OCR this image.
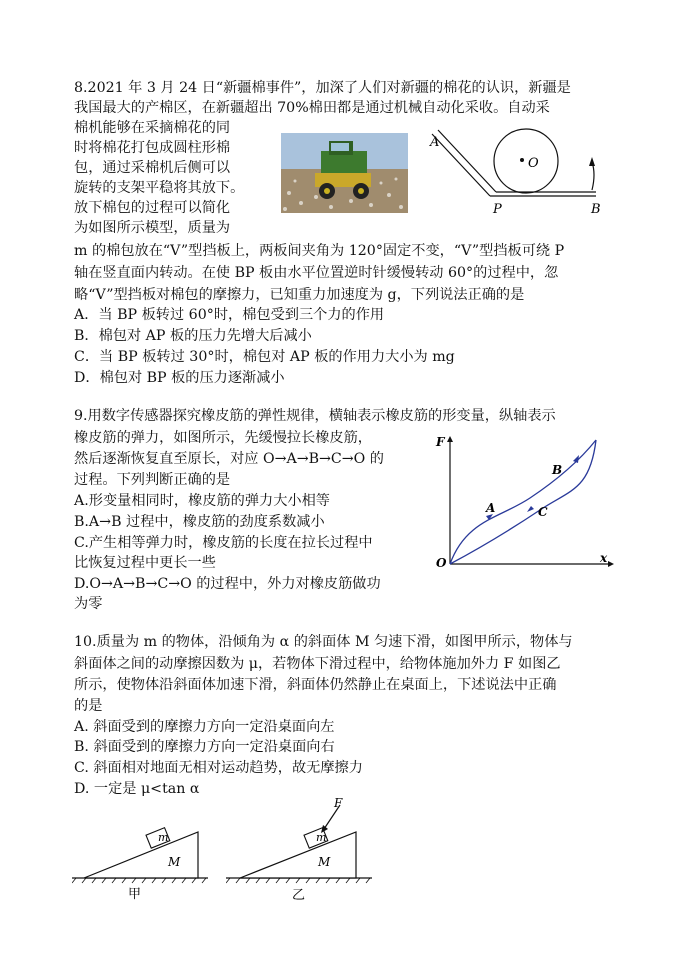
8.2021 年 3 月 24 日“新疆棉事件”，加深了人们对新疆的棉花的认识，新疆是
我国最大的产棉区，在新疆超出 70%棉田都是通过机械自动化采收。自动采
棉机能够在采摘棉花的同
时将棉花打包成圆柱形棉
包，通过采棉机后侧可以
旋转的支架平稳将其放下。
放下棉包的过程可以简化
为如图所示模型，质量为
m 的棉包放在“V”型挡板上，两板间夹角为 120°固定不变，“V”型挡板可绕 P
轴在竖直面内转动。在使 BP 板由水平位置逆时针缓慢转动 60°的过程中，忽
略“V”型挡板对棉包的摩擦力，已知重力加速度为 g，下列说法正确的是
A．当 BP 板转过 60°时，棉包受到三个力的作用
B．棉包对 AP 板的压力先增大后减小
C．当 BP 板转过 30°时，棉包对 AP 板的作用力大小为 mg
D．棉包对 BP 板的压力逐渐减小
A
O
P	B
9.用数字传感器探究橡皮筋的弹性规律，横轴表示橡皮筋的形变量，纵轴表示
橡皮筋的弹力，如图所示，先缓慢拉长橡皮筋，
然后逐渐恢复直至原长，对应 O→A→B→C→O 的
过程。下列判断正确的是
A.形变量相同时，橡皮筋的弹力大小相等
B.A→B 过程中，橡皮筋的劲度系数减小
C.产生相等弹力时，橡皮筋的长度在拉长过程中
比恢复过程中更长一些
D.O→A→B→C→O 的过程中，外力对橡皮筋做功
为零
F
O	x
A
B
C
10.质量为 m 的物体，沿倾角为 α 的斜面体 M 匀速下滑，如图甲所示，物体与
斜面体之间的动摩擦因数为 μ，若物体下滑过程中，给物体施加外力 F 如图乙
所示，使物体沿斜面体加速下滑，斜面体仍然静止在桌面上，下述说法中正确
的是
A. 斜面受到的摩擦力方向一定沿桌面向左
B. 斜面受到的摩擦力方向一定沿桌面向右
C. 斜面相对地面无相对运动趋势，故无摩擦力
D. 一定是 μ<tan α
m
M
甲
F
m
M
乙
